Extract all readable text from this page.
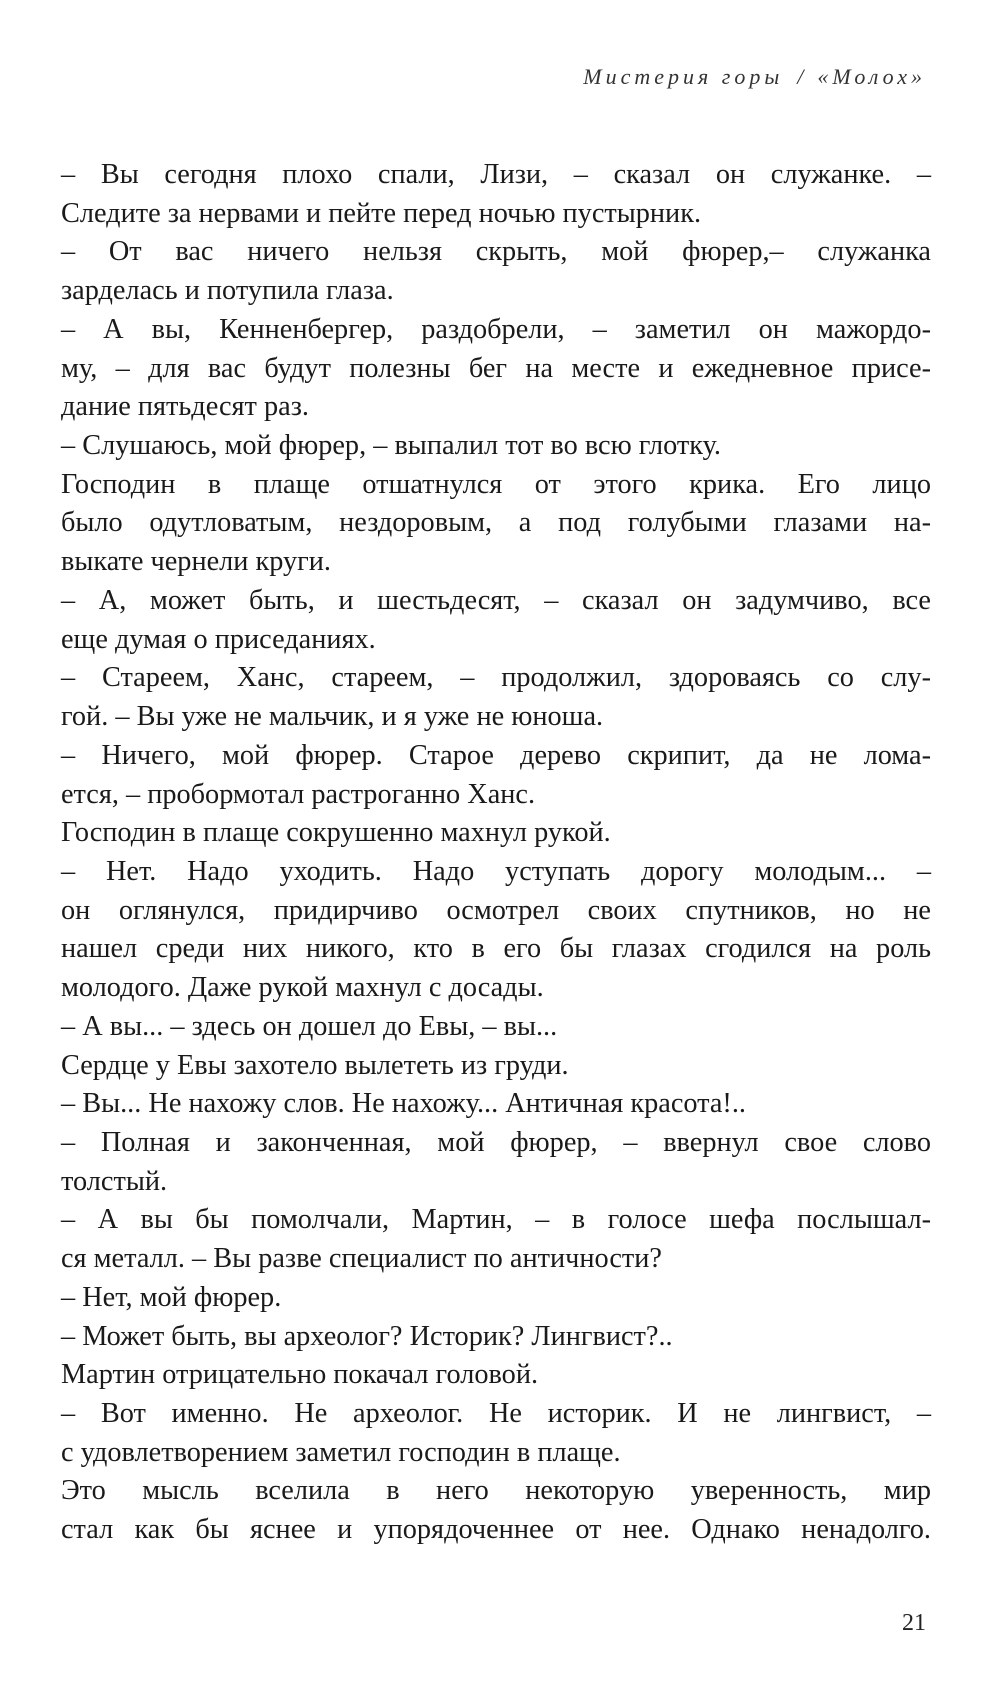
Мистерия горы / «Молох»
– Вы сегодня плохо спали, Лизи, – сказал он служанке. –
Следите за нервами и пейте перед ночью пустырник.
– От вас ничего нельзя скрыть, мой фюрер,– служанка
зарделась и потупила глаза.
– А вы, Кенненбергер, раздобрели, – заметил он мажордо-
му, – для вас будут полезны бег на месте и ежедневное присе-
дание пятьдесят раз.
– Слушаюсь, мой фюрер, – выпалил тот во всю глотку.
Господин в плаще отшатнулся от этого крика. Его лицо
было одутловатым, нездоровым, а под голубыми глазами на-
выкате чернели круги.
– А, может быть, и шестьдесят, – сказал он задумчиво, все
еще думая о приседаниях.
– Стареем, Ханс, стареем, – продолжил, здороваясь со слу-
гой. – Вы уже не мальчик, и я уже не юноша.
– Ничего, мой фюрер. Старое дерево скрипит, да не лома-
ется, – пробормотал растроганно Ханс.
Господин в плаще сокрушенно махнул рукой.
– Нет. Надо уходить. Надо уступать дорогу молодым... –
он оглянулся, придирчиво осмотрел своих спутников, но не
нашел среди них никого, кто в его бы глазах сгодился на роль
молодого. Даже рукой махнул с досады.
– А вы... – здесь он дошел до Евы, – вы...
Сердце у Евы захотело вылететь из груди.
– Вы... Не нахожу слов. Не нахожу... Античная красота!..
– Полная и законченная, мой фюрер, – ввернул свое слово
толстый.
– А вы бы помолчали, Мартин, – в голосе шефа послышал-
ся металл. – Вы разве специалист по античности?
– Нет, мой фюрер.
– Может быть, вы археолог? Историк? Лингвист?..
Мартин отрицательно покачал головой.
– Вот именно. Не археолог. Не историк. И не лингвист, –
с удовлетворением заметил господин в плаще.
Это мысль вселила в него некоторую уверенность, мир
стал как бы яснее и упорядоченнее от нее. Однако ненадолго.
21
